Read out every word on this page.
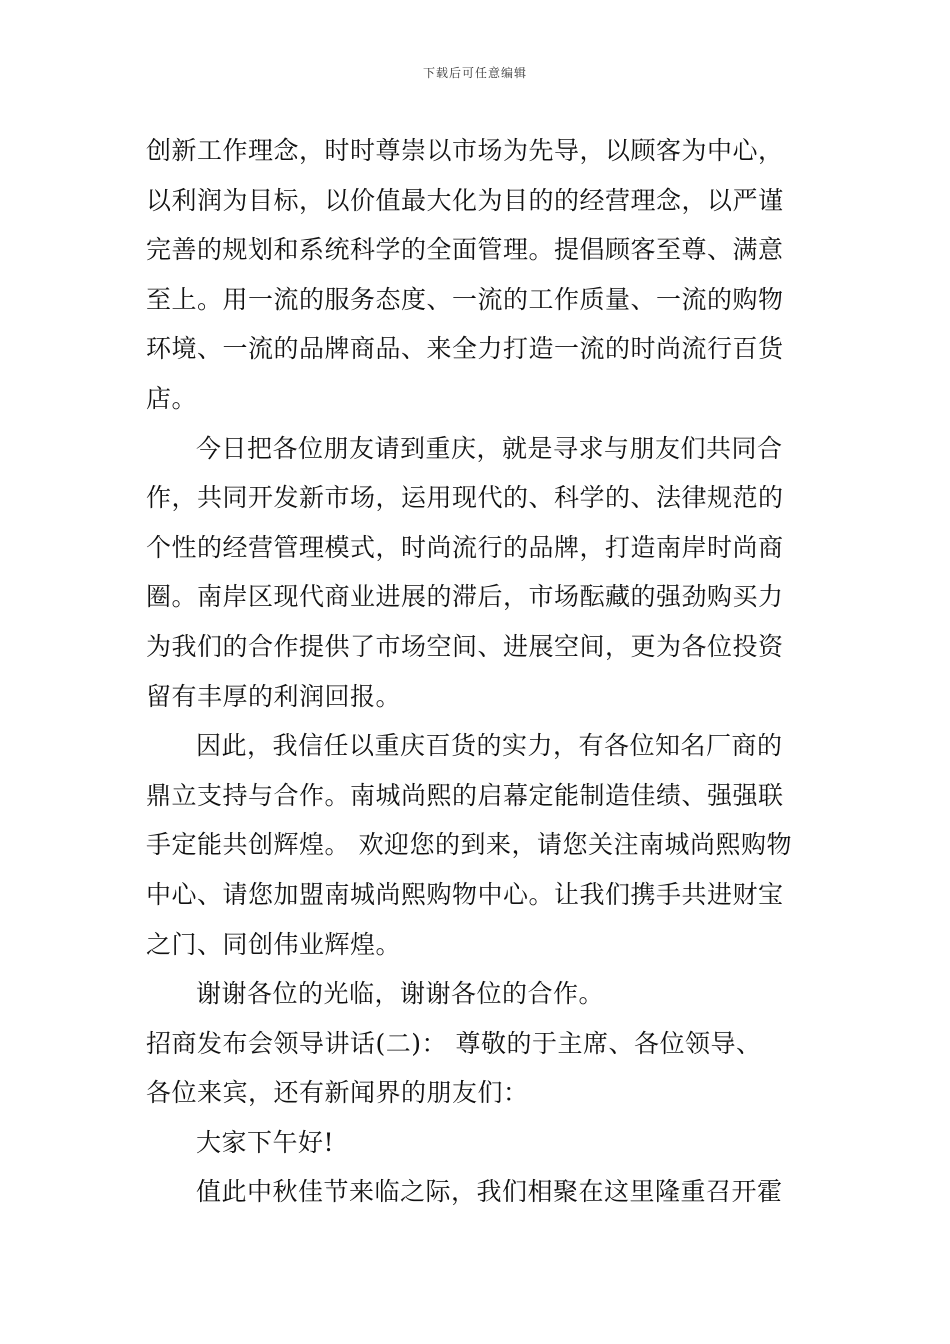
下载后可任意编辑
创新工作理念，时时尊崇以市场为先导，以顾客为中心，
以利润为目标，以价值最大化为目的的经营理念，以严谨
完善的规划和系统科学的全面管理。提倡顾客至尊、满意
至上。用一流的服务态度、一流的工作质量、一流的购物
环境、一流的品牌商品、来全力打造一流的时尚流行百货
店。
今日把各位朋友请到重庆，就是寻求与朋友们共同合
作，共同开发新市场，运用现代的、科学的、法律规范的
个性的经营管理模式，时尚流行的品牌，打造南岸时尚商
圈。南岸区现代商业进展的滞后，市场酝藏的强劲购买力
为我们的合作提供了市场空间、进展空间，更为各位投资
留有丰厚的利润回报。
因此，我信任以重庆百货的实力，有各位知名厂商的
鼎立支持与合作。南城尚熙的启幕定能制造佳绩、强强联
手定能共创辉煌。 欢迎您的到来，请您关注南城尚熙购物
中心、请您加盟南城尚熙购物中心。让我们携手共进财宝
之门、同创伟业辉煌。
谢谢各位的光临，谢谢各位的合作。
招商发布会领导讲话(二)： 尊敬的于主席、各位领导、
各位来宾，还有新闻界的朋友们：
大家下午好!
值此中秋佳节来临之际，我们相聚在这里隆重召开霍
